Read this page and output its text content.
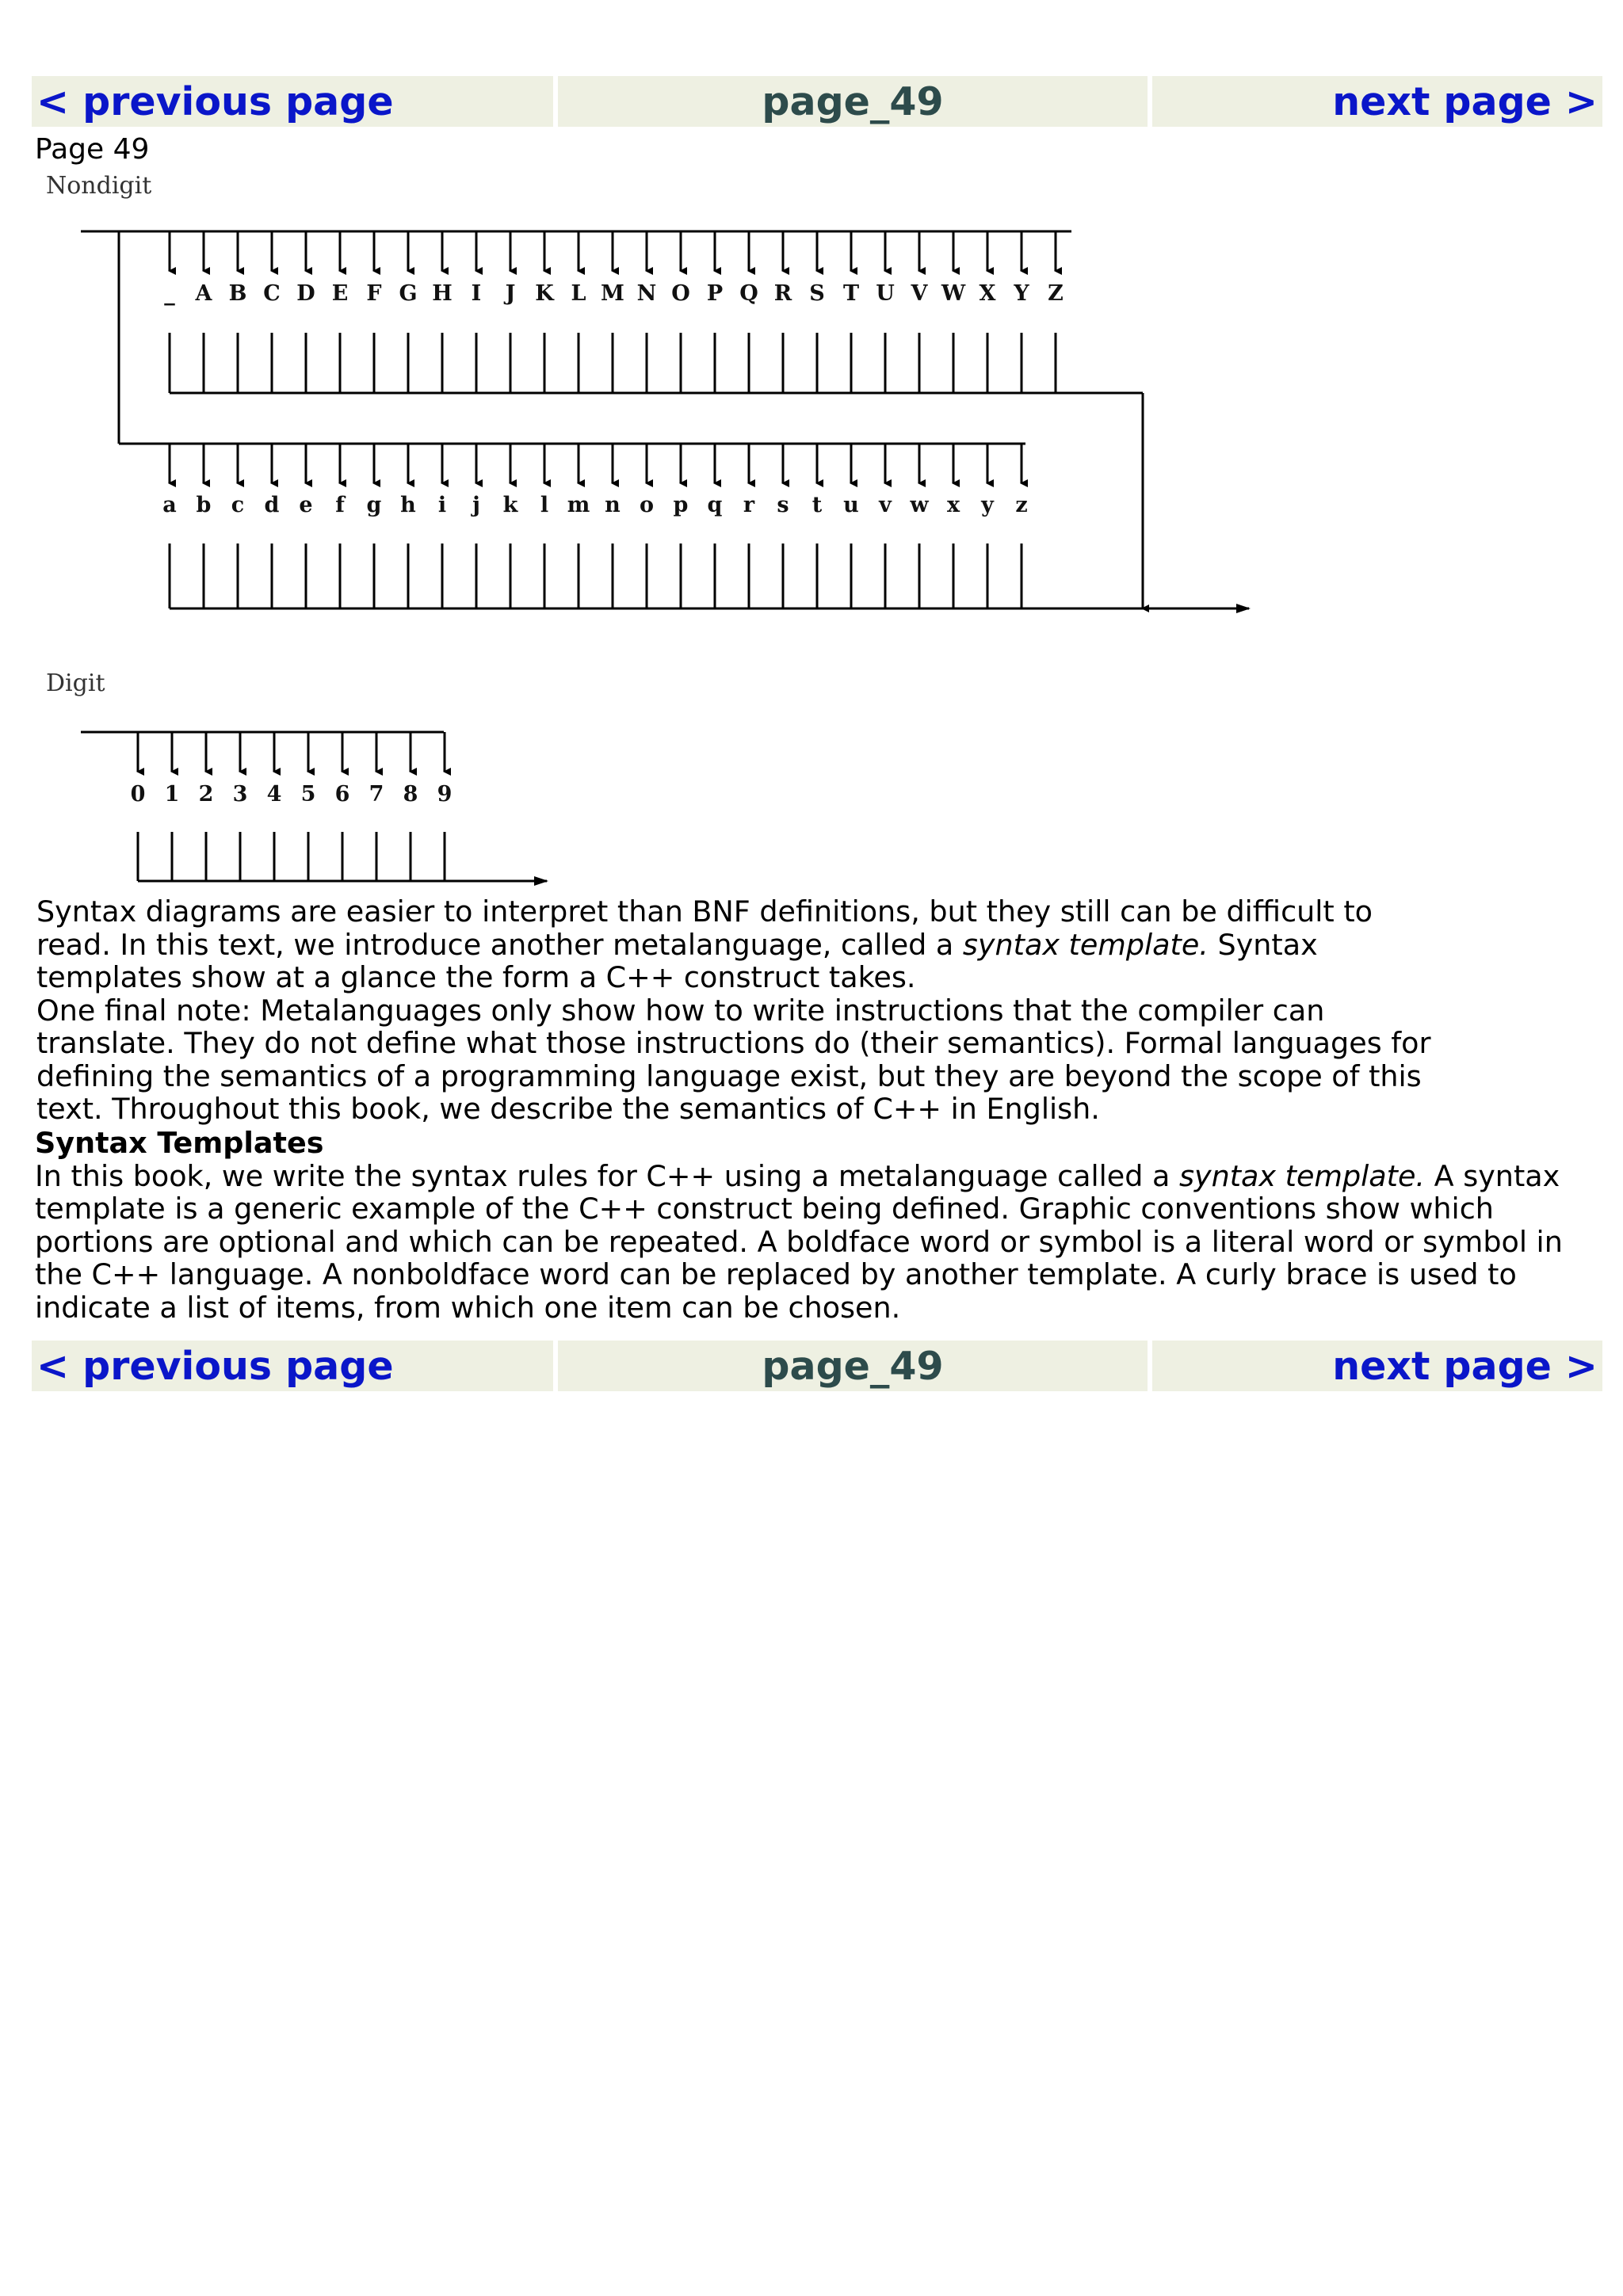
< previous page	page_49	next page >
Page 49
Nondigit
Digit
_ A B C D E F G H I J K L M N O P Q R S T U V W X Y Z
a b c d e f g h i j k l m n o p q r s t u v w x y z
0 1 2 3 4 5 6 7 8 9

Syntax diagrams are easier to interpret than BNF definitions, but they still can be difficult to read. In this text, we introduce another metalanguage, called a syntax template. Syntax templates show at a glance the form a C++ construct takes.

One final note: Metalanguages only show how to write instructions that the compiler can translate. They do not define what those instructions do (their semantics). Formal languages for defining the semantics of a programming language exist, but they are beyond the scope of this text. Throughout this book, we describe the semantics of C++ in English.

Syntax Templates

In this book, we write the syntax rules for C++ using a metalanguage called a syntax template. A syntax template is a generic example of the C++ construct being defined. Graphic conventions show which portions are optional and which can be repeated. A boldface word or symbol is a literal word or symbol in the C++ language. A nonboldface word can be replaced by another template. A curly brace is used to indicate a list of items, from which one item can be chosen.

< previous page	page_49	next page >
